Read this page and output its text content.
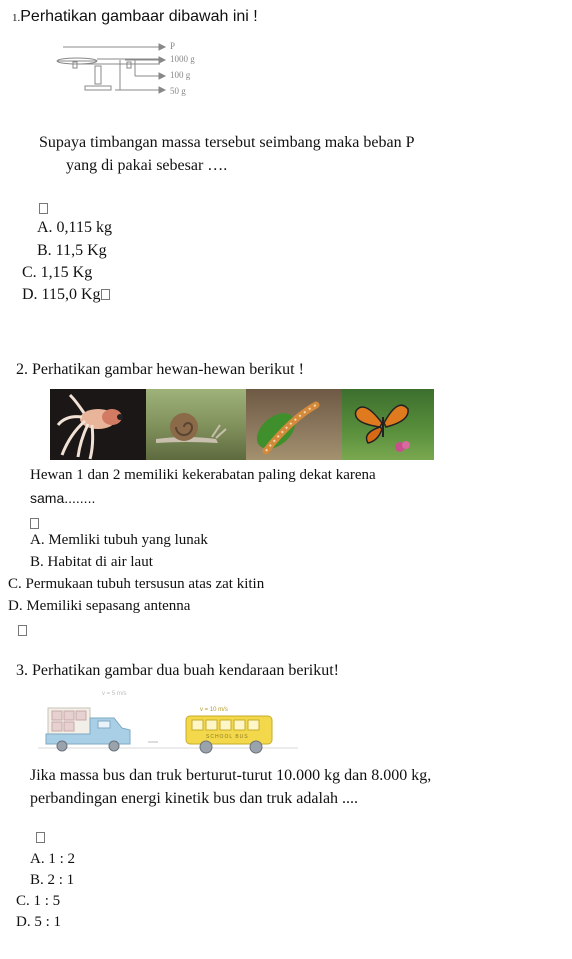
1.Perhatikan gambaar dibawah ini !
P
1000 g
100 g
50 g
Supaya timbangan massa tersebut seimbang maka beban P
yang di pakai sebesar ….
A. 0,115 kg
B. 11,5 Kg
C. 1,15 Kg
D. 115,0 Kg
2. Perhatikan gambar hewan-hewan berikut !
Hewan 1 dan 2 memiliki kekerabatan paling dekat karena
sama........
A. Memliki tubuh yang lunak
B. Habitat di air laut
C. Permukaan tubuh tersusun atas zat kitin
D. Memiliki sepasang antenna
3. Perhatikan gambar dua buah kendaraan berikut!
v = 5 m/s
v = 10 m/s
SCHOOL BUS
Jika massa bus dan truk berturut-turut 10.000 kg dan 8.000 kg,
perbandingan energi kinetik bus dan truk adalah ....
A. 1 : 2
B. 2 : 1
C. 1 : 5
D. 5 : 1
